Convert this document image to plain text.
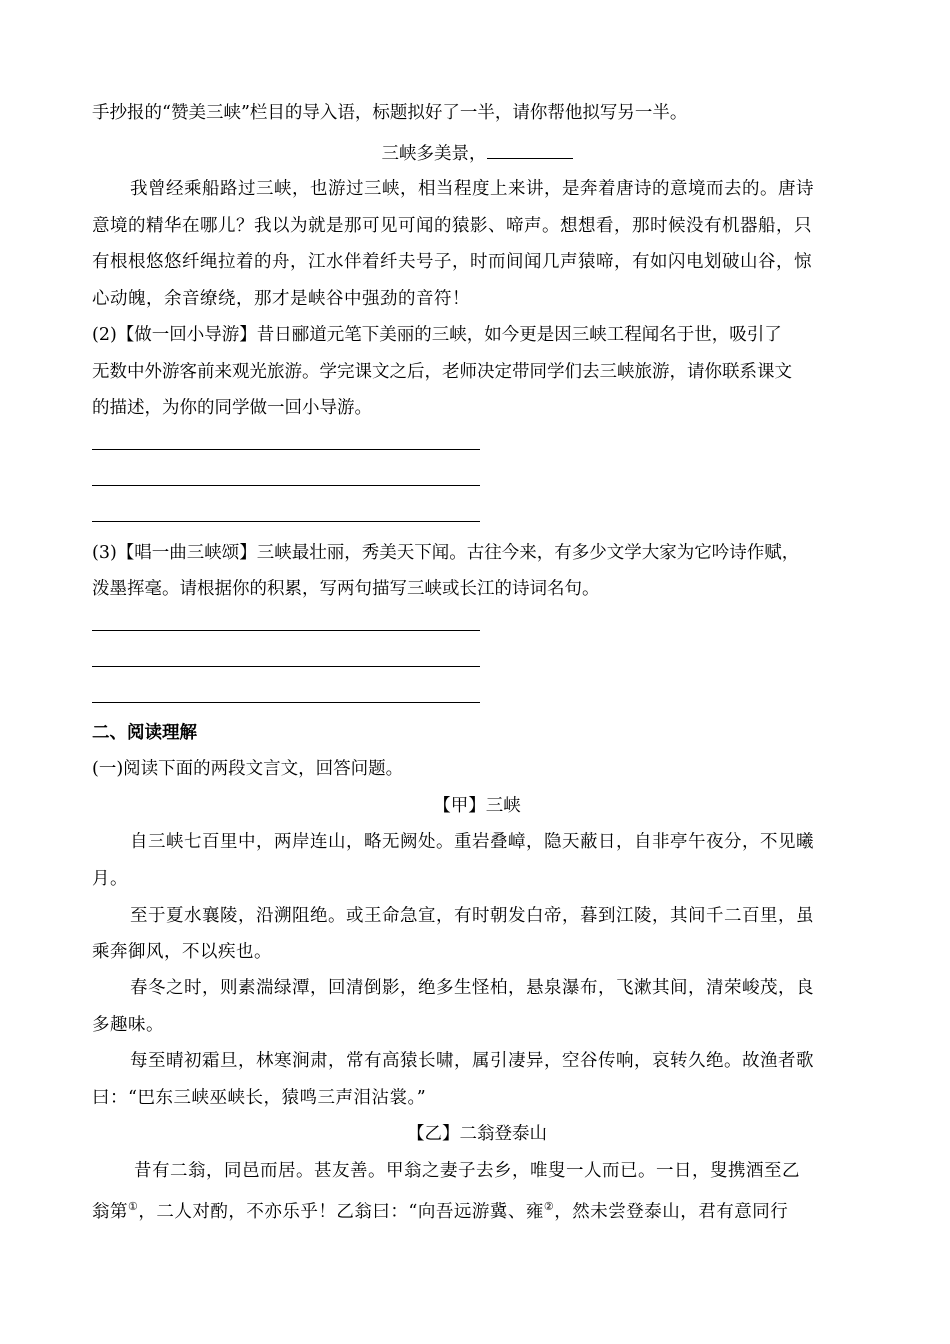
手抄报的“赞美三峡”栏目的导入语，标题拟好了一半，请你帮他拟写另一半。
三峡多美景，
我曾经乘船路过三峡，也游过三峡，相当程度上来讲，是奔着唐诗的意境而去的。唐诗
意境的精华在哪儿？我以为就是那可见可闻的猿影、啼声。想想看，那时候没有机器船，只
有根根悠悠纤绳拉着的舟，江水伴着纤夫号子，时而间闻几声猿啼，有如闪电划破山谷，惊
心动魄，余音缭绕，那才是峡谷中强劲的音符！
(2)【做一回小导游】昔日郦道元笔下美丽的三峡，如今更是因三峡工程闻名于世，吸引了
无数中外游客前来观光旅游。学完课文之后，老师决定带同学们去三峡旅游，请你联系课文
的描述，为你的同学做一回小导游。
(3)【唱一曲三峡颂】三峡最壮丽，秀美天下闻。古往今来，有多少文学大家为它吟诗作赋，
泼墨挥毫。请根据你的积累，写两句描写三峡或长江的诗词名句。
二、阅读理解
(一)阅读下面的两段文言文，回答问题。
【甲】三峡
自三峡七百里中，两岸连山，略无阙处。重岩叠嶂，隐天蔽日，自非亭午夜分，不见曦
月。
至于夏水襄陵，沿溯阻绝。或王命急宣，有时朝发白帝，暮到江陵，其间千二百里，虽
乘奔御风，不以疾也。
春冬之时，则素湍绿潭，回清倒影，绝多生怪柏，悬泉瀑布，飞漱其间，清荣峻茂，良
多趣味。
每至晴初霜旦，林寒涧肃，常有高猿长啸，属引凄异，空谷传响，哀转久绝。故渔者歌
曰：“巴东三峡巫峡长，猿鸣三声泪沾裳。”
【乙】二翁登泰山
昔有二翁，同邑而居。甚友善。甲翁之妻子去乡，唯叟一人而已。一日，叟携酒至乙
翁第①，二人对酌，不亦乐乎！乙翁曰：“向吾远游冀、雍②，然未尝登泰山，君有意同行
